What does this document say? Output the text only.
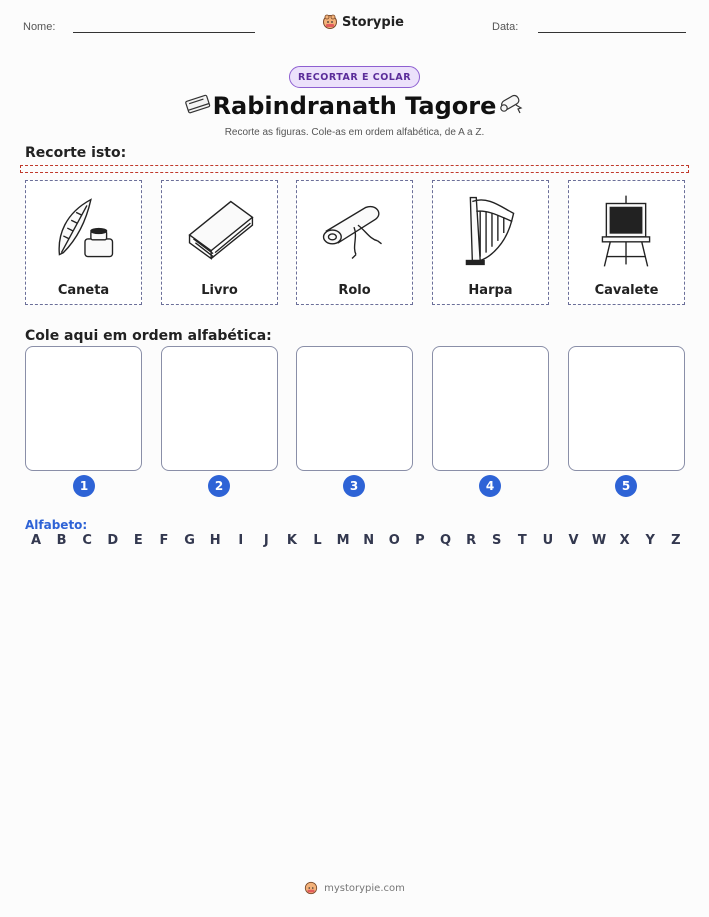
Nome:	Storypie	Data:
RECORTAR E COLAR
Rabindranath Tagore
Recorte as figuras. Cole-as em ordem alfabética, de A a Z.
Recorte isto:
Caneta	Livro	Rolo	Harpa	Cavalete
Cole aqui em ordem alfabética:
1	2	3	4	5
Alfabeto:
A	B	C	D	E	F	G	H	I	J	K	L	M	N	O	P	Q	R	S	T	U	V	W	X	Y	Z
mystorypie.com
